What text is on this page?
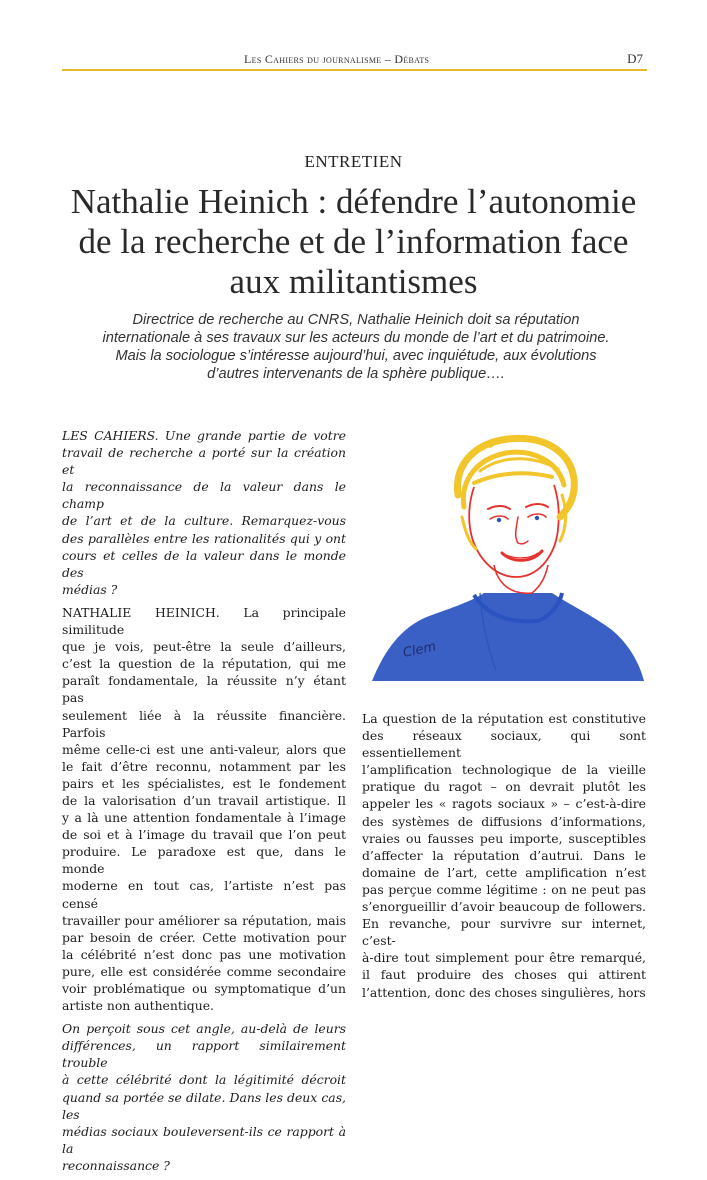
Les Cahiers du journalisme – Débats	D7
ENTRETIEN
Nathalie Heinich : défendre l’autonomie
de la recherche et de l’information face
aux militantismes
Directrice de recherche au CNRS, Nathalie Heinich doit sa réputation
internationale à ses travaux sur les acteurs du monde de l’art et du patrimoine.
Mais la sociologue s’intéresse aujourd’hui, avec inquiétude, aux évolutions
d’autres intervenants de la sphère publique….

LES CAHIERS. Une grande partie de votre
travail de recherche a porté sur la création et
la reconnaissance de la valeur dans le champ
de l’art et de la culture. Remarquez-vous
des parallèles entre les rationalités qui y ont
cours et celles de la valeur dans le monde des
médias ?

NATHALIE HEINICH. La principale similitude
que je vois, peut-être la seule d’ailleurs,
c’est la question de la réputation, qui me
paraît fondamentale, la réussite n’y étant pas
seulement liée à la réussite financière. Parfois
même celle-ci est une anti-valeur, alors que
le fait d’être reconnu, notamment par les
pairs et les spécialistes, est le fondement
de la valorisation d’un travail artistique. Il
y a là une attention fondamentale à l’image
de soi et à l’image du travail que l’on peut
produire. Le paradoxe est que, dans le monde
moderne en tout cas, l’artiste n’est pas censé
travailler pour améliorer sa réputation, mais
par besoin de créer. Cette motivation pour
la célébrité n’est donc pas une motivation
pure, elle est considérée comme secondaire
voir problématique ou symptomatique d’un
artiste non authentique.

On perçoit sous cet angle, au-delà de leurs
différences, un rapport similairement trouble
à cette célébrité dont la légitimité décroit
quand sa portée se dilate. Dans les deux cas, les
médias sociaux bouleversent-ils ce rapport à la
reconnaissance ?

Clem

La question de la réputation est constitutive
des réseaux sociaux, qui sont essentiellement
l’amplification technologique de la vieille
pratique du ragot – on devrait plutôt les
appeler les « ragots sociaux » – c’est-à-dire
des systèmes de diffusions d’informations,
vraies ou fausses peu importe, susceptibles
d’affecter la réputation d’autrui. Dans le
domaine de l’art, cette amplification n’est
pas perçue comme légitime : on ne peut pas
s’enorgueillir d’avoir beaucoup de followers.
En revanche, pour survivre sur internet, c’est-
à-dire tout simplement pour être remarqué,
il faut produire des choses qui attirent
l’attention, donc des choses singulières, hors
